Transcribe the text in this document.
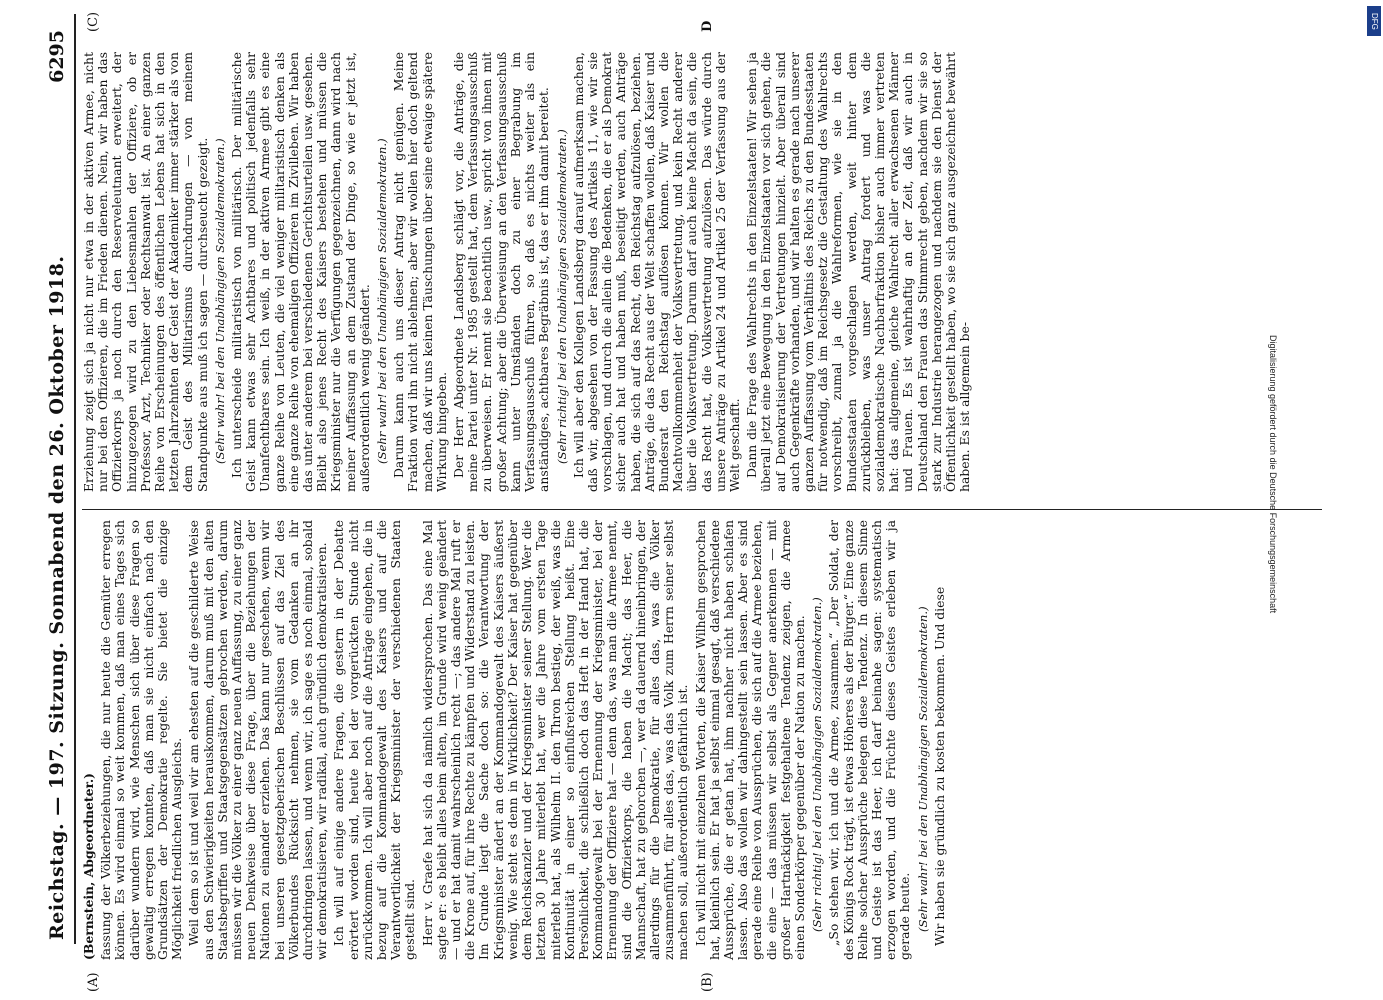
Reichstag. — 197. Sitzung. Sonnabend den 26. Oktober 1918.
6295
(A)	(B)

(Bernstein, Abgeordneter.) fassung der Völkerbeziehungen, die nur heute die Gemüter erregen können. Es wird einmal so weit kommen, daß man eines Tages sich darüber wundern wird, wie Menschen sich über diese Fragen so gewaltig erregen konnten, daß man sie nicht einfach nach den Grundsätzen der Demokratie regelte. Sie bietet die einzige Möglichkeit friedlichen Ausgleichs. Weil dem so ist und weil wir am ehesten auf die geschilderte Weise aus den Schwierigkeiten herauskommen, darum muß mit den alten Staatsbegriffen und Staatsgegensätzen gebrochen werden, darum müssen wir die Völker zu einer ganz neuen Auffassung, zu einer ganz neuen Denkweise über diese Frage, über die Beziehungen der Nationen zu einander erziehen. Das kann nur geschehen, wenn wir bei unseren gesetzgeberischen Beschlüssen auf das Ziel des Völkerbundes Rücksicht nehmen, sie vom Gedanken an ihr durchdringen lassen, und wenn wir, ich sage es noch einmal, sobald wir demokratisieren, wir radikal, auch gründlich demokratisieren. Ich will auf einige andere Fragen, die gestern in der Debatte erörtert worden sind, heute bei der vorgerückten Stunde nicht zurückkommen. Ich will aber noch auf die Anträge eingehen, die in bezug auf die Kommandogewalt des Kaisers und auf die Verantwortlichkeit der Kriegsminister der verschiedenen Staaten gestellt sind. Herr v. Graefe hat sich da nämlich widersprochen. Das eine Mal sagte er: es bleibt alles beim alten, im Grunde wird wenig geändert — und er hat damit wahrscheinlich recht —; das andere Mal ruft er die Krone auf, für ihre Rechte zu kämpfen und Widerstand zu leisten. Im Grunde liegt die Sache doch so: die Verantwortung der Kriegsminister ändert an der Kommandogewalt des Kaisers äußerst wenig. Wie steht es denn in Wirklichkeit? Der Kaiser hat gegenüber dem Reichskanzler und der Kriegsminister seiner Stellung. Wer die letzten 30 Jahre miterlebt hat, wer die Jahre vom ersten Tage miterlebt hat, als Wilhelm II. den Thron bestieg, der weiß, was die Kontinuität in einer so einflußreichen Stellung heißt. Eine Persönlichkeit, die schließlich doch das Heft in der Hand hat, die Kommandogewalt bei der Ernennung der Kriegsminister, bei der Ernennung der Offiziere hat — denn das, was man die Armee nennt, sind die Offizierkorps, die haben die Macht; das Heer, die Mannschaft, hat zu gehorchen —, wer da dauernd hineinbringen, der allerdings für die Demokratie, für alles das, was die Völker zusammenführt, für alles das, was das Volk zum Herrn seiner selbst machen soll, außerordentlich gefährlich ist. Ich will nicht mit einzelnen Worten, die Kaiser Wilhelm gesprochen hat, kleinlich sein. Er hat ja selbst einmal gesagt, daß verschiedene Aussprüche, die er getan hat, ihm nachher nicht haben schlafen lassen. Also das wollen wir dahingestellt sein lassen. Aber es sind gerade eine Reihe von Aussprüchen, die sich auf die Armee beziehen, die eine — das müssen wir selbst als Gegner anerkennen — mit großer Hartnäckigkeit festgehaltene Tendenz zeigen, die Armee einen Sonderkörper gegenüber der Nation zu machen. (Sehr richtig! bei den Unabhängigen Sozialdemokraten.) „So stehen wir, ich und die Armee, zusammen.“ „Der Soldat, der des Königs Rock trägt, ist etwas Höheres als der Bürger.“ Eine ganze Reihe solcher Aussprüche belegen diese Tendenz. In diesem Sinne und Geiste ist das Heer, ich darf beinahe sagen: systematisch erzogen worden, und die Früchte dieses Geistes erleben wir ja gerade heute. (Sehr wahr! bei den Unabhängigen Sozialdemokraten.) Wir haben sie gründlich zu kosten bekommen. Und diese

Erziehung zeigt sich ja nicht nur etwa in der aktiven Armee, nicht nur bei den Offizieren, die im Frieden dienen. Nein, wir haben das Offizierkorps ja noch durch den Reserveleutnant erweitert, der hinzugezogen wird zu den Liebesmahlen der Offiziere, ob er Professor, Arzt, Techniker oder Rechtsanwalt ist. An einer ganzen Reihe von Erscheinungen des öffentlichen Lebens hat sich in den letzten Jahrzehnten der Geist der Akademiker immer stärker als von dem Geist des Militarismus durchdrungen — von meinem Standpunkte aus muß ich sagen — durchseucht gezeigt. (Sehr wahr! bei den Unabhängigen Sozialdemokraten.) Ich unterscheide militaristisch von militärisch. Der militärische Geist kann etwas sehr Achtbares und politisch jedenfalls sehr Unanfechtbares sein. Ich weiß, in der aktiven Armee gibt es eine ganze Reihe von Leuten, die viel weniger militaristisch denken als eine ganze Reihe von ehemaligen Offizieren im Zivilleben. Wir haben das unter anderem bei verschiedenen Gerichtsurteilen usw. gesehen. Bleibt also jenes Recht des Kaisers bestehen und müssen die Kriegsminister nur die Verfügungen gegenzeichnen, dann wird nach meiner Auffassung an dem Zustand der Dinge, so wie er jetzt ist, außerordentlich wenig geändert. (Sehr wahr! bei den Unabhängigen Sozialdemokraten.) Darum kann auch uns dieser Antrag nicht genügen. Meine Fraktion wird ihn nicht ablehnen; aber wir wollen hier doch geltend machen, daß wir uns keinen Täuschungen über seine etwaige spätere Wirkung hingeben. Der Herr Abgeordnete Landsberg schlägt vor, die Anträge, die meine Partei unter Nr. 1985 gestellt hat, dem Verfassungsausschuß zu überweisen. Er nennt sie beachtlich usw., spricht von ihnen mit großer Achtung; aber die Überweisung an den Verfassungsausschuß kann unter Umständen doch zu einer Begrabung im Verfassungsausschuß führen, so daß es nichts weiter als ein anständiges, achtbares Begräbnis ist, das er ihm damit bereitet. (Sehr richtig! bei den Unabhängigen Sozialdemokraten.) Ich will aber den Kollegen Landsberg darauf aufmerksam machen, daß wir, abgesehen von der Fassung des Artikels 11, wie wir sie vorschlagen, und durch die allein die Bedenken, die er als Demokrat sicher auch hat und haben muß, beseitigt werden, auch Anträge haben, die sich auf das Recht, den Reichstag aufzulösen, beziehen. Anträge, die das Recht aus der Welt schaffen wollen, daß Kaiser und Bundesrat den Reichstag auflösen können. Wir wollen die Machtvollkommenheit der Volksvertretung, und kein Recht anderer über die Volksvertretung. Darum darf auch keine Macht da sein, die das Recht hat, die Volksvertretung aufzulösen. Das würde durch unsere Anträge zu Artikel 24 und Artikel 25 der Verfassung aus der Welt geschafft. Dann die Frage des Wahlrechts in den Einzelstaaten! Wir sehen ja überall jetzt eine Bewegung in den Einzelstaaten vor sich gehen, die auf Demokratisierung der Vertretungen hinzielt. Aber überall sind auch Gegenkräfte vorhanden, und wir halten es gerade nach unserer ganzen Auffassung vom Verhältnis des Reichs zu den Bundesstaaten für notwendig, daß im Reichsgesetz die Gestaltung des Wahlrechts vorschreibt, zumal ja die Wahlreformen, wie sie in den Bundesstaaten vorgeschlagen werden, weit hinter dem zurückbleiben, was unser Antrag fordert und was die sozialdemokratische Nachbarfraktion bisher auch immer vertreten hat: das allgemeine, gleiche Wahlrecht aller erwachsenen Männer und Frauen. Es ist wahrhaftig an der Zeit, daß wir auch in Deutschland den Frauen das Stimmrecht geben, nachdem wir sie so stark zur Industrie herangezogen und nachdem sie den Dienst der Öffentlichkeit gestellt haben, wo sie sich ganz ausgezeichnet bewährt haben. Es ist allgemein be-

(C)	D	DFG
Digitalisierung gefördert durch die Deutsche Forschungsgemeinschaft
